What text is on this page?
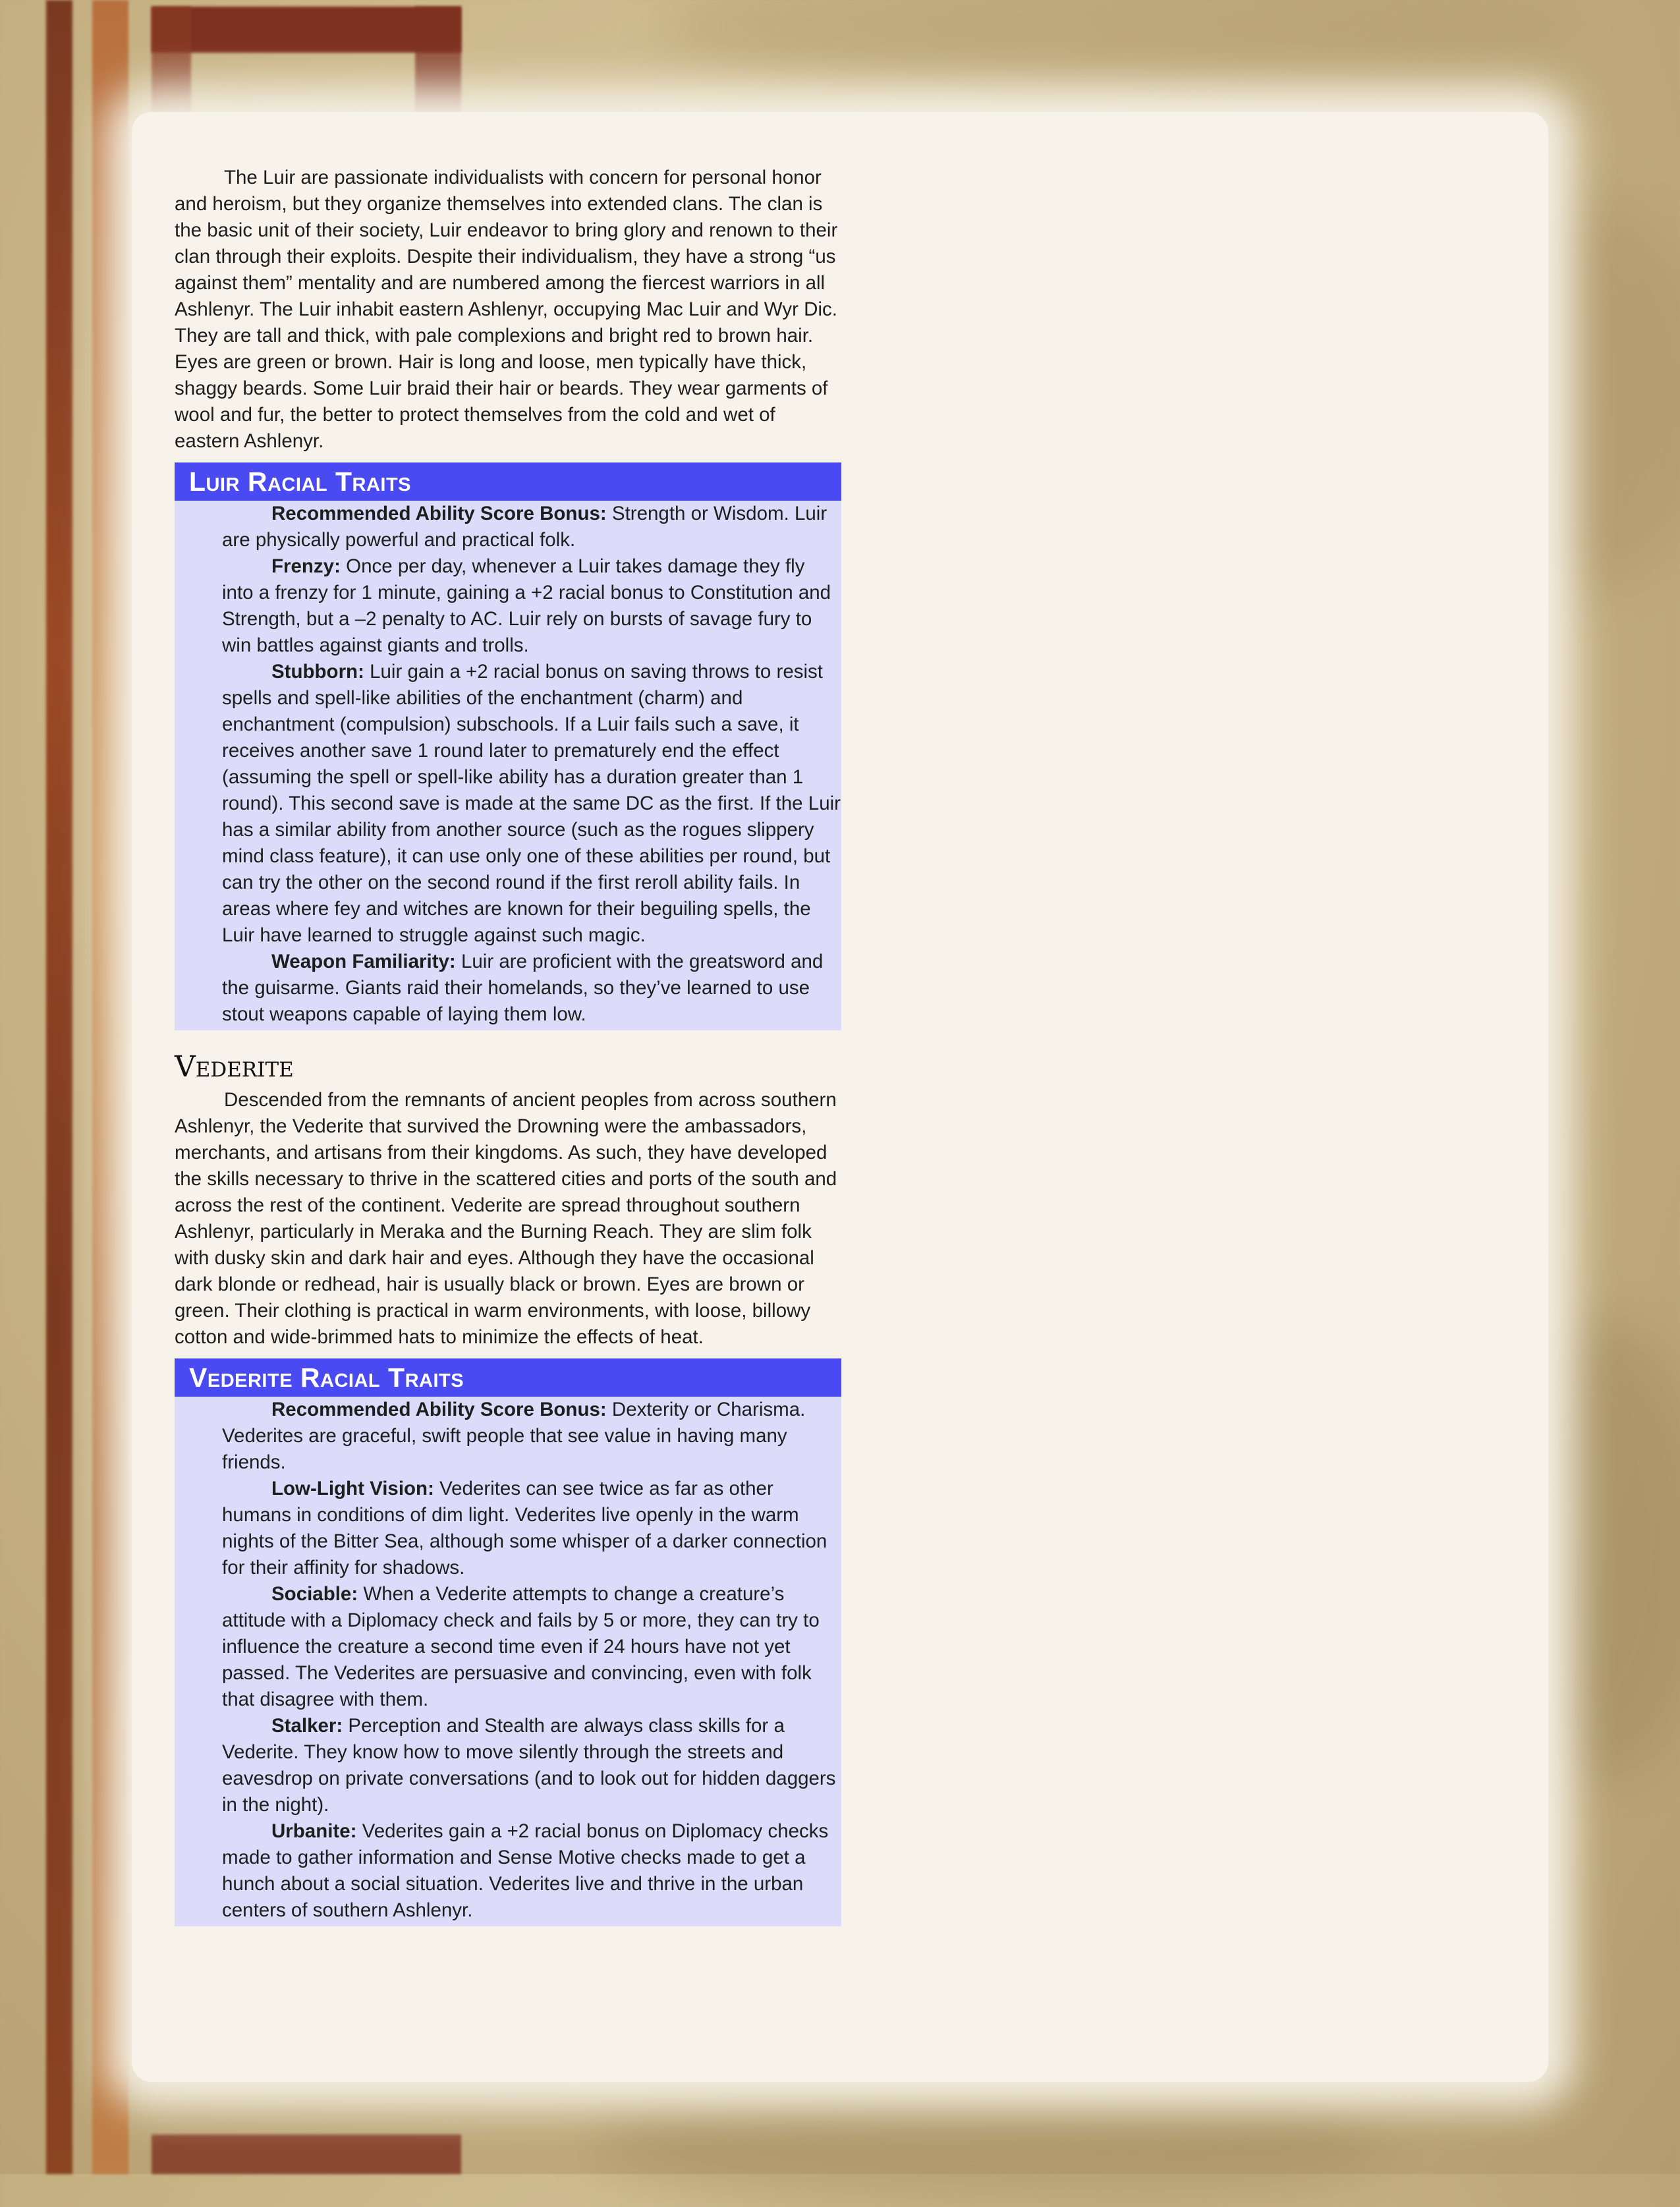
The Luir are passionate individualists with concern for personal honor and heroism, but they organize themselves into extended clans. The clan is the basic unit of their society, Luir endeavor to bring glory and renown to their clan through their exploits. Despite their individualism, they have a strong “us against them” mentality and are numbered among the fiercest warriors in all Ashlenyr. The Luir inhabit eastern Ashlenyr, occupying Mac Luir and Wyr Dic. They are tall and thick, with pale complexions and bright red to brown hair. Eyes are green or brown. Hair is long and loose, men typically have thick, shaggy beards. Some Luir braid their hair or beards. They wear garments of wool and fur, the better to protect themselves from the cold and wet of eastern Ashlenyr.

Luir Racial Traits

Recommended Ability Score Bonus: Strength or Wisdom. Luir are physically powerful and practical folk.

Frenzy: Once per day, whenever a Luir takes damage they fly into a frenzy for 1 minute, gaining a +2 racial bonus to Constitution and Strength, but a –2 penalty to AC. Luir rely on bursts of savage fury to win battles against giants and trolls.

Stubborn: Luir gain a +2 racial bonus on saving throws to resist spells and spell-like abilities of the enchantment (charm) and enchantment (compulsion) subschools. If a Luir fails such a save, it receives another save 1 round later to prematurely end the effect (assuming the spell or spell-like ability has a duration greater than 1 round). This second save is made at the same DC as the first. If the Luir has a similar ability from another source (such as the rogues slippery mind class feature), it can use only one of these abilities per round, but can try the other on the second round if the first reroll ability fails. In areas where fey and witches are known for their beguiling spells, the Luir have learned to struggle against such magic.

Weapon Familiarity: Luir are proficient with the greatsword and the guisarme. Giants raid their homelands, so they’ve learned to use stout weapons capable of laying them low.

Vederite

Descended from the remnants of ancient peoples from across southern Ashlenyr, the Vederite that survived the Drowning were the ambassadors, merchants, and artisans from their kingdoms. As such, they have developed the skills necessary to thrive in the scattered cities and ports of the south and across the rest of the continent. Vederite are spread throughout southern Ashlenyr, particularly in Meraka and the Burning Reach. They are slim folk with dusky skin and dark hair and eyes. Although they have the occasional dark blonde or redhead, hair is usually black or brown. Eyes are brown or green. Their clothing is practical in warm environments, with loose, billowy cotton and wide-brimmed hats to minimize the effects of heat.

Vederite Racial Traits

Recommended Ability Score Bonus: Dexterity or Charisma. Vederites are graceful, swift people that see value in having many friends.

Low-Light Vision: Vederites can see twice as far as other humans in conditions of dim light. Vederites live openly in the warm nights of the Bitter Sea, although some whisper of a darker connection for their affinity for shadows.

Sociable: When a Vederite attempts to change a creature’s attitude with a Diplomacy check and fails by 5 or more, they can try to influence the creature a second time even if 24 hours have not yet passed. The Vederites are persuasive and convincing, even with folk that disagree with them.

Stalker: Perception and Stealth are always class skills for a Vederite. They know how to move silently through the streets and eavesdrop on private conversations (and to look out for hidden daggers in the night).

Urbanite: Vederites gain a +2 racial bonus on Diplomacy checks made to gather information and Sense Motive checks made to get a hunch about a social situation. Vederites live and thrive in the urban centers of southern Ashlenyr.
